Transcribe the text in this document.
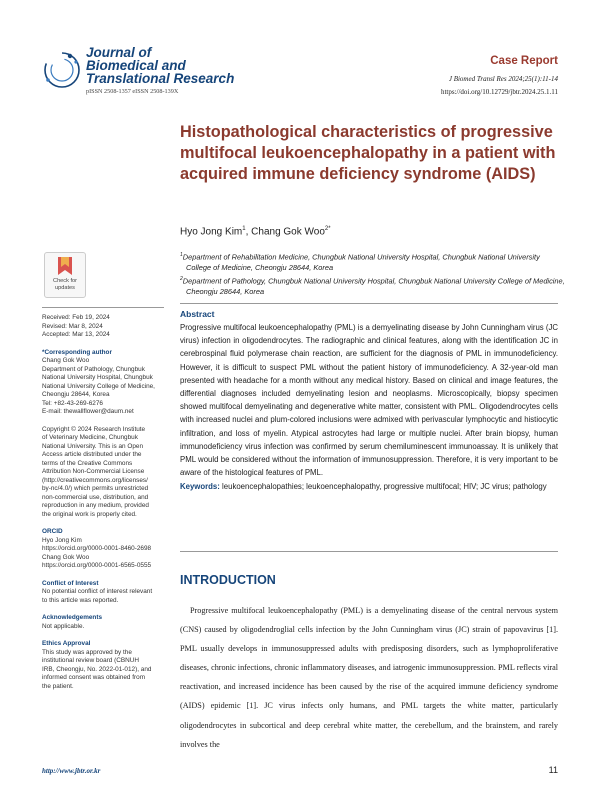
Journal of
Biomedical and
Translational Research
pISSN 2508-1357 eISSN 2508-139X
Case Report
J Biomed Transl Res 2024;25(1):11-14
https://doi.org/10.12729/jbtr.2024.25.1.11
Histopathological characteristics of progressive multifocal leukoencephalopathy in a patient with acquired immune deficiency syndrome (AIDS)
Hyo Jong Kim$^1$, Chang Gok Woo$^{2*}$

$^1$Department of Rehabilitation Medicine, Chungbuk National University Hospital, Chungbuk National University College of Medicine, Cheongju 28644, Korea

$^2$Department of Pathology, Chungbuk National University Hospital, Chungbuk National University College of Medicine, Cheongju 28644, Korea

Check for
updates
Received: Feb 19, 2024
Revised: Mar 8, 2024
Accepted: Mar 13, 2024
*Corresponding author
Chang Gok Woo
Department of Pathology, Chungbuk
National University Hospital, Chungbuk
National University College of Medicine,
Cheongju 28644, Korea
Tel: +82-43-269-6276
E-mail: thewallflower@daum.net
Copyright © 2024 Research Institute
of Veterinary Medicine, Chungbuk
National University. This is an Open
Access article distributed under the
terms of the Creative Commons
Attribution Non-Commercial License
(http://creativecommons.org/licenses/
by-nc/4.0/) which permits unrestricted
non-commercial use, distribution, and
reproduction in any medium, provided
the original work is properly cited.
ORCID
Hyo Jong Kim
https://orcid.org/0000-0001-8460-2698
Chang Gok Woo
https://orcid.org/0000-0001-6565-0555
Conflict of Interest
No potential conflict of interest relevant
to this article was reported.
Acknowledgements
Not applicable.
Ethics Approval
This study was approved by the
institutional review board (CBNUH
IRB, Cheongju, No. 2022-01-012), and
informed consent was obtained from
the patient.
Abstract

Progressive multifocal leukoencephalopathy (PML) is a demyelinating disease by John Cunningham virus (JC virus) infection in oligodendrocytes. The radiographic and clinical features, along with the identification JC in cerebrospinal fluid polymerase chain reaction, are sufficient for the diagnosis of PML in immunodeficiency. However, it is difficult to suspect PML without the patient history of immunodeficiency. A 32-year-old man presented with headache for a month without any medical history. Based on clinical and image features, the differential diagnoses included demyelinating lesion and neoplasms. Microscopically, biopsy specimen showed multifocal demyelinating and degenerative white matter, consistent with PML. Oligodendrocytes cells with increased nuclei and plum-colored inclusions were admixed with perivascular lymphocytic and histiocytic infiltration, and loss of myelin. Atypical astrocytes had large or multiple nuclei. After brain biopsy, human immunodeficiency virus infection was confirmed by serum chemiluminescent immunoassay. It is unlikely that PML would be considered without the information of immunosuppression. Therefore, it is very important to be aware of the histological features of PML.

Keywords: leukoencephalopathies; leukoencephalopathy, progressive multifocal; HIV; JC virus; pathology

INTRODUCTION

Progressive multifocal leukoencephalopathy (PML) is a demyelinating disease of the central nervous system (CNS) caused by oligodendroglial cells infection by the John Cunningham virus (JC) strain of papovavirus [1]. PML usually develops in immunosuppressed adults with predisposing disorders, such as lymphoproliferative diseases, chronic infections, chronic inflammatory diseases, and iatrogenic immunosuppression. PML reflects viral reactivation, and increased incidence has been caused by the rise of the acquired immune deficiency syndrome (AIDS) epidemic [1]. JC virus infects only humans, and PML targets the white matter, particularly oligodendrocytes in subcortical and deep cerebral white matter, the cerebellum, and the brainstem, and rarely involves the

http://www.jbtr.or.kr	11
